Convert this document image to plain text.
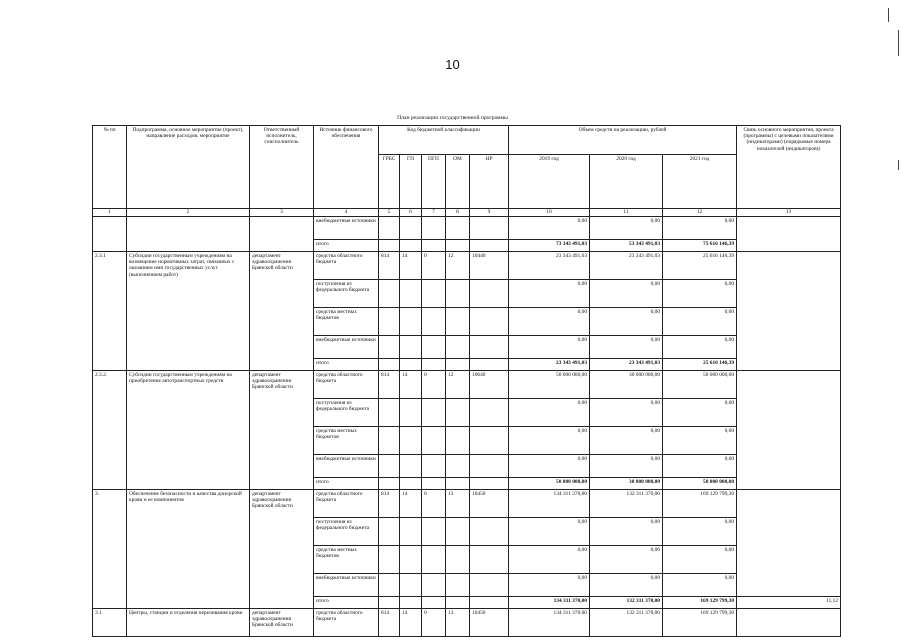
10
План реализации государственной программы
№ пп	Подпрограмма, основное мероприятие (проект), направление расходов, мероприятие	Ответственный исполнитель, соисполнитель	Источник финансового обеспечения	Код бюджетной классификации					Объем средств на реализацию, рублей			Связь основного мероприятия, проекта (программы) с целевыми показателями (индикаторами) (порядковые номера показателей (индикаторов))
				ГРБС	ГП	ПГП	ОМ	НР	2019 год	2020 год	2021 год	
1	2	3	4	5	6	7	8	9	10	11	12	13
			внебюджетные источники						0,00	0,00	0,00	
			итого						73 343 491,03	53 343 491,03	75 616 146,39	
2.3.1	Субсидии государственным учреждениям на возмещение нормативных затрат, связанных с оказанием ими государственных услуг (выполнением работ)	департамент здравоохранения Брянской области	средства областного бюджета	814	14	0	12	10440	23 343 491,03	23 343 491,03	25 616 146,39	
			поступления из федерального бюджета						0,00	0,00	0,00	
			средства местных бюджетов						0,00	0,00	0,00	
			внебюджетные источники						0,00	0,00	0,00	
			итого						23 343 491,03	23 343 491,03	25 616 146,39	
2.3.2.	Субсидии государственным учреждениям на приобретение автотранспортных средств	департамент здравоохранения Брянской области	средства областного бюджета	814	14	0	12	10640	50 000 000,00	30 000 000,00	50 000 000,00	
			поступления из федерального бюджета						0,00	0,00	0,00	
			средства местных бюджетов						0,00	0,00	0,00	
			внебюджетные источники						0,00	0,00	0,00	
			итого						50 000 000,00	30 000 000,00	50 000 000,00	
3.	Обеспечение безопасности и качества донорской крови и ее компонентов	департамент здравоохранения Брянской области	средства областного бюджета	814	14	0	13	10450	134 311 370,00	132 311 370,00	169 129 799,30	
			поступления из федерального бюджета						0,00	0,00	0,00	
			средства местных бюджетов						0,00	0,00	0,00	
			внебюджетные источники						0,00	0,00	0,00	
			итого						134 311 370,00	132 311 370,00	169 129 799,30	11,12
3.1	Центры, станции и отделения переливания крови	департамент здравоохранения Брянской области	средства областного бюджета	814	14	0	13	10450	134 311 370,00	132 311 370,00	169 129 799,30	
